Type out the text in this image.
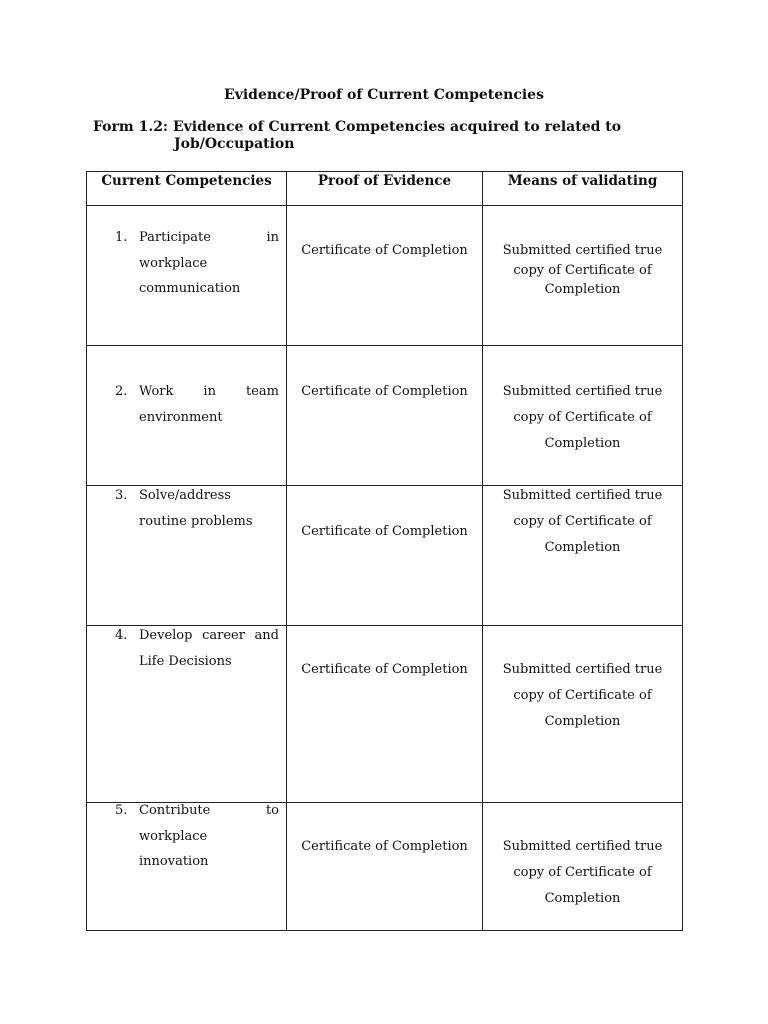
Evidence/Proof of Current Competencies
Form 1.2: Evidence of Current Competencies acquired to related to
Job/Occupation
Current Competencies	Proof of Evidence	Means of validating

1. Participate in workplace communication	Certificate of Completion	Submitted certified true copy of Certificate of Completion

2. Work in team environment	Certificate of Completion	Submitted certified true copy of Certificate of Completion

3. Solve/address routine problems	Certificate of Completion	Submitted certified true copy of Certificate of Completion

4. Develop career and Life Decisions	Certificate of Completion	Submitted certified true copy of Certificate of Completion

5. Contribute to workplace innovation	Certificate of Completion	Submitted certified true copy of Certificate of Completion
